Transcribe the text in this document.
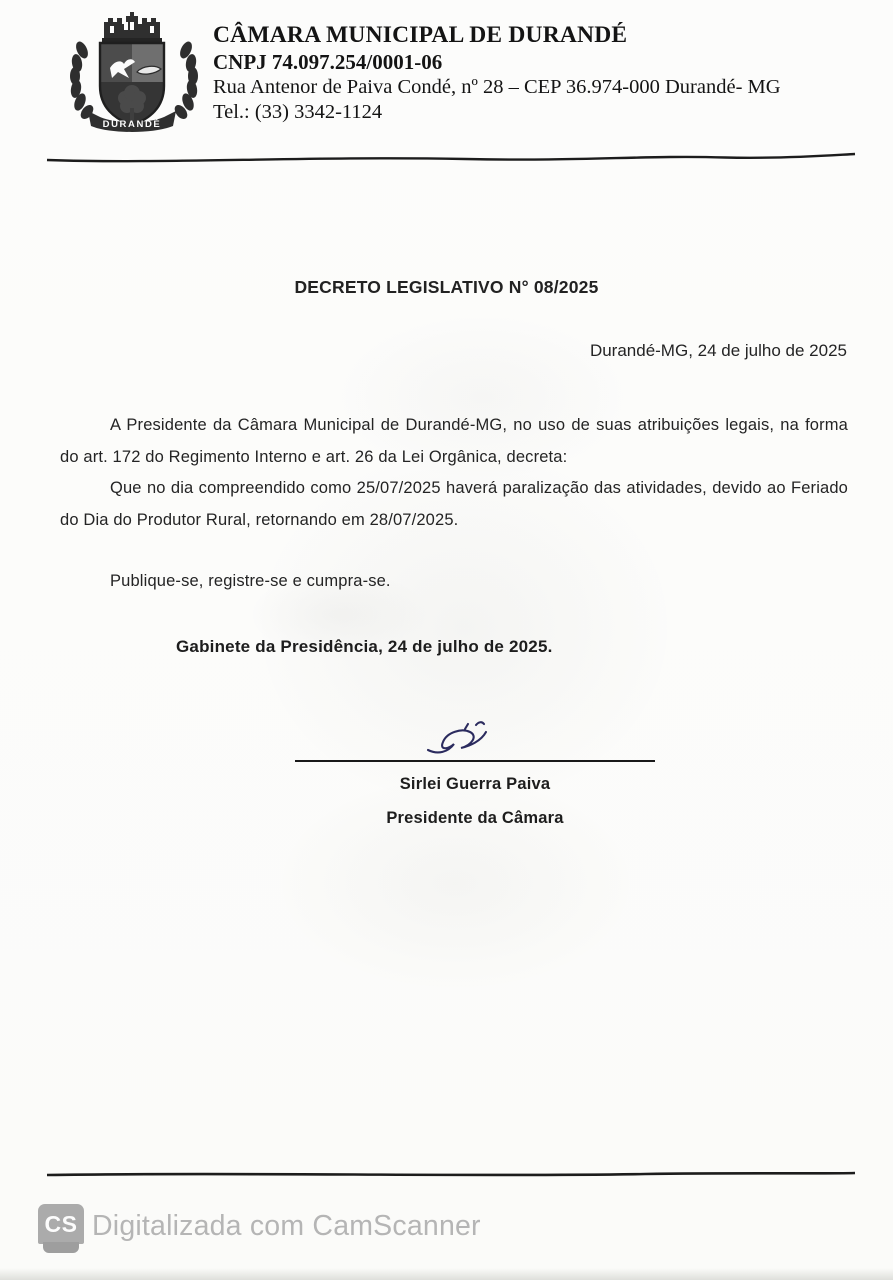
DURANDÉ
CÂMARA MUNICIPAL DE DURANDÉ
CNPJ 74.097.254/0001-06
Rua Antenor de Paiva Condé, nº 28 – CEP 36.974-000 Durandé- MG
Tel.: (33) 3342-1124
DECRETO LEGISLATIVO N° 08/2025
Durandé-MG, 24 de julho de 2025

A Presidente da Câmara Municipal de Durandé-MG, no uso de suas atribuições legais, na forma do art. 172 do Regimento Interno e art. 26 da Lei Orgânica, decreta:

Que no dia compreendido como 25/07/2025 haverá paralização das atividades, devido ao Feriado do Dia do Produtor Rural, retornando em 28/07/2025.

Publique-se, registre-se e cumpra-se.

Gabinete da Presidência, 24 de julho de 2025.
Sirlei Guerra Paiva
Presidente da Câmara
CS Digitalizada com CamScanner
